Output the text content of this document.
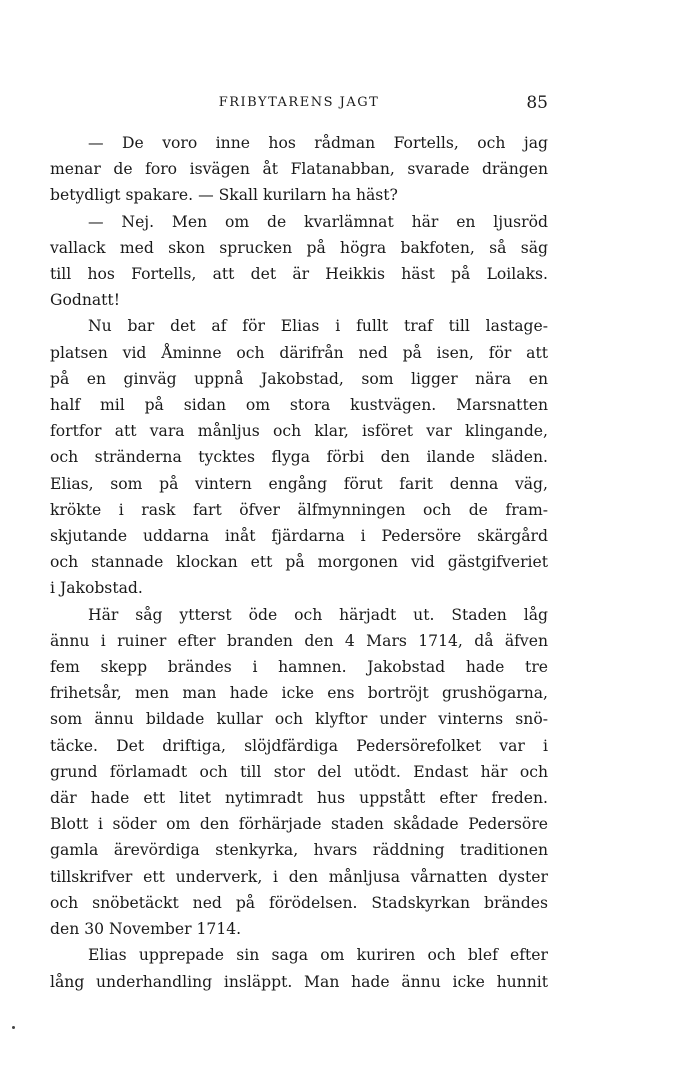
FRIBYTARENS JAGT	85
— De voro inne hos rådman Fortells, och jag
menar de foro isvägen åt Flatanabban, svarade drängen
betydligt spakare. — Skall kurilarn ha häst?
— Nej. Men om de kvarlämnat här en ljusröd
vallack med skon sprucken på högra bakfoten, så säg
till hos Fortells, att det är Heikkis häst på Loilaks.
Godnatt!
Nu bar det af för Elias i fullt traf till lastage-
platsen vid Åminne och därifrån ned på isen, för att
på en ginväg uppnå Jakobstad, som ligger nära en
half mil på sidan om stora kustvägen. Marsnatten
fortfor att vara månljus och klar, isföret var klingande,
och stränderna tycktes flyga förbi den ilande släden.
Elias, som på vintern engång förut farit denna väg,
krökte i rask fart öfver älfmynningen och de fram-
skjutande uddarna inåt fjärdarna i Pedersöre skärgård
och stannade klockan ett på morgonen vid gästgifveriet
i Jakobstad.
Här såg ytterst öde och härjadt ut. Staden låg
ännu i ruiner efter branden den 4 Mars 1714, då äfven
fem skepp brändes i hamnen. Jakobstad hade tre
frihetsår, men man hade icke ens bortröjt grushögarna,
som ännu bildade kullar och klyftor under vinterns snö-
täcke. Det driftiga, slöjdfärdiga Pedersörefolket var i
grund förlamadt och till stor del utödt. Endast här och
där hade ett litet nytimradt hus uppstått efter freden.
Blott i söder om den förhärjade staden skådade Pedersöre
gamla ärevördiga stenkyrka, hvars räddning traditionen
tillskrifver ett underverk, i den månljusa vårnatten dyster
och snöbetäckt ned på förödelsen. Stadskyrkan brändes
den 30 November 1714.
Elias upprepade sin saga om kuriren och blef efter
lång underhandling insläppt. Man hade ännu icke hunnit
